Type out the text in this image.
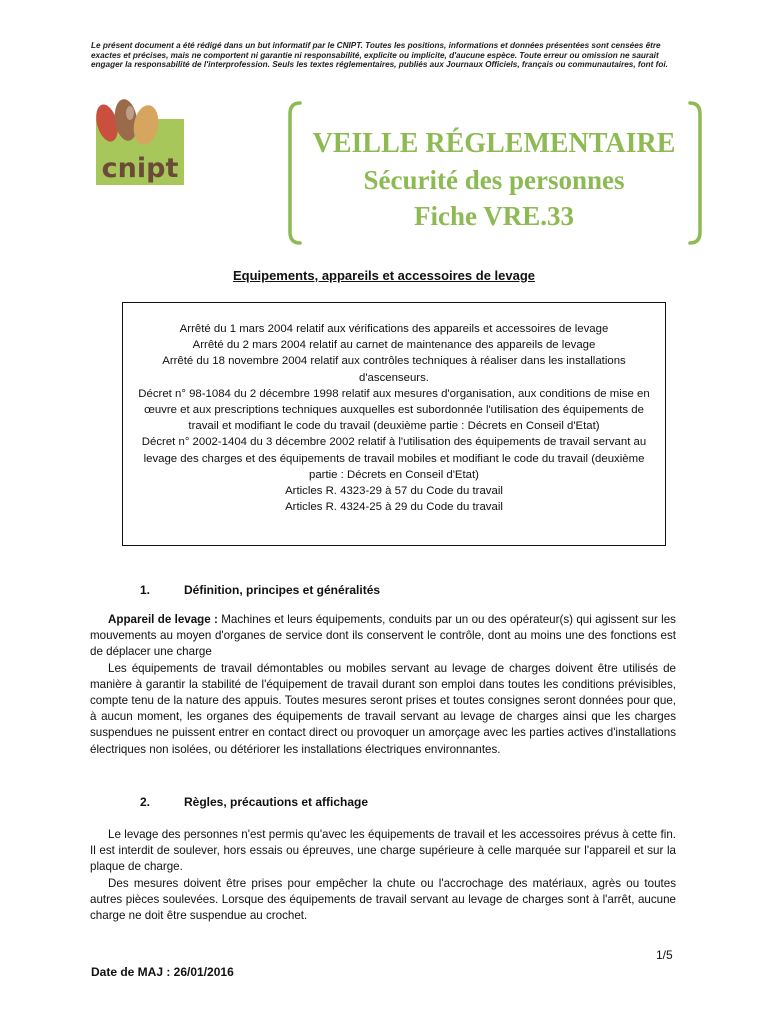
Le présent document a été rédigé dans un but informatif par le CNIPT. Toutes les positions, informations et données présentées sont censées être exactes et précises, mais ne comportent ni garantie ni responsabilité, explicite ou implicite, d'aucune espèce. Toute erreur ou omission ne saurait engager la responsabilité de l'interprofession. Seuls les textes réglementaires, publiés aux Journaux Officiels, français ou communautaires, font foi.
cnipt
VEILLE RÉGLEMENTAIRE
Sécurité des personnes
Fiche VRE.33
Equipements, appareils et accessoires de levage
Arrêté du 1 mars 2004 relatif aux vérifications des appareils et accessoires de levage
Arrêté du 2 mars 2004 relatif au carnet de maintenance des appareils de levage
Arrêté du 18 novembre 2004 relatif aux contrôles techniques à réaliser dans les installations d'ascenseurs.
Décret n° 98-1084 du 2 décembre 1998 relatif aux mesures d'organisation, aux conditions de mise en œuvre et aux prescriptions techniques auxquelles est subordonnée l'utilisation des équipements de travail et modifiant le code du travail (deuxième partie : Décrets en Conseil d'Etat)
Décret n° 2002-1404 du 3 décembre 2002 relatif à l'utilisation des équipements de travail servant au levage des charges et des équipements de travail mobiles et modifiant le code du travail (deuxième partie : Décrets en Conseil d'Etat)
Articles R. 4323-29 à 57 du Code du travail
Articles R. 4324-25 à 29 du Code du travail
1.	Définition, principes et généralités

Appareil de levage : Machines et leurs équipements, conduits par un ou des opérateur(s) qui agissent sur les mouvements au moyen d'organes de service dont ils conservent le contrôle, dont au moins une des fonctions est de déplacer une charge

Les équipements de travail démontables ou mobiles servant au levage de charges doivent être utilisés de manière à garantir la stabilité de l'équipement de travail durant son emploi dans toutes les conditions prévisibles, compte tenu de la nature des appuis. Toutes mesures seront prises et toutes consignes seront données pour que, à aucun moment, les organes des équipements de travail servant au levage de charges ainsi que les charges suspendues ne puissent entrer en contact direct ou provoquer un amorçage avec les parties actives d'installations électriques non isolées, ou détériorer les installations électriques environnantes.

2.	Règles, précautions et affichage

Le levage des personnes n'est permis qu'avec les équipements de travail et les accessoires prévus à cette fin. Il est interdit de soulever, hors essais ou épreuves, une charge supérieure à celle marquée sur l'appareil et sur la plaque de charge.

Des mesures doivent être prises pour empêcher la chute ou l'accrochage des matériaux, agrès ou toutes autres pièces soulevées. Lorsque des équipements de travail servant au levage de charges sont à l'arrêt, aucune charge ne doit être suspendue au crochet.

1/5
Date de MAJ : 26/01/2016
